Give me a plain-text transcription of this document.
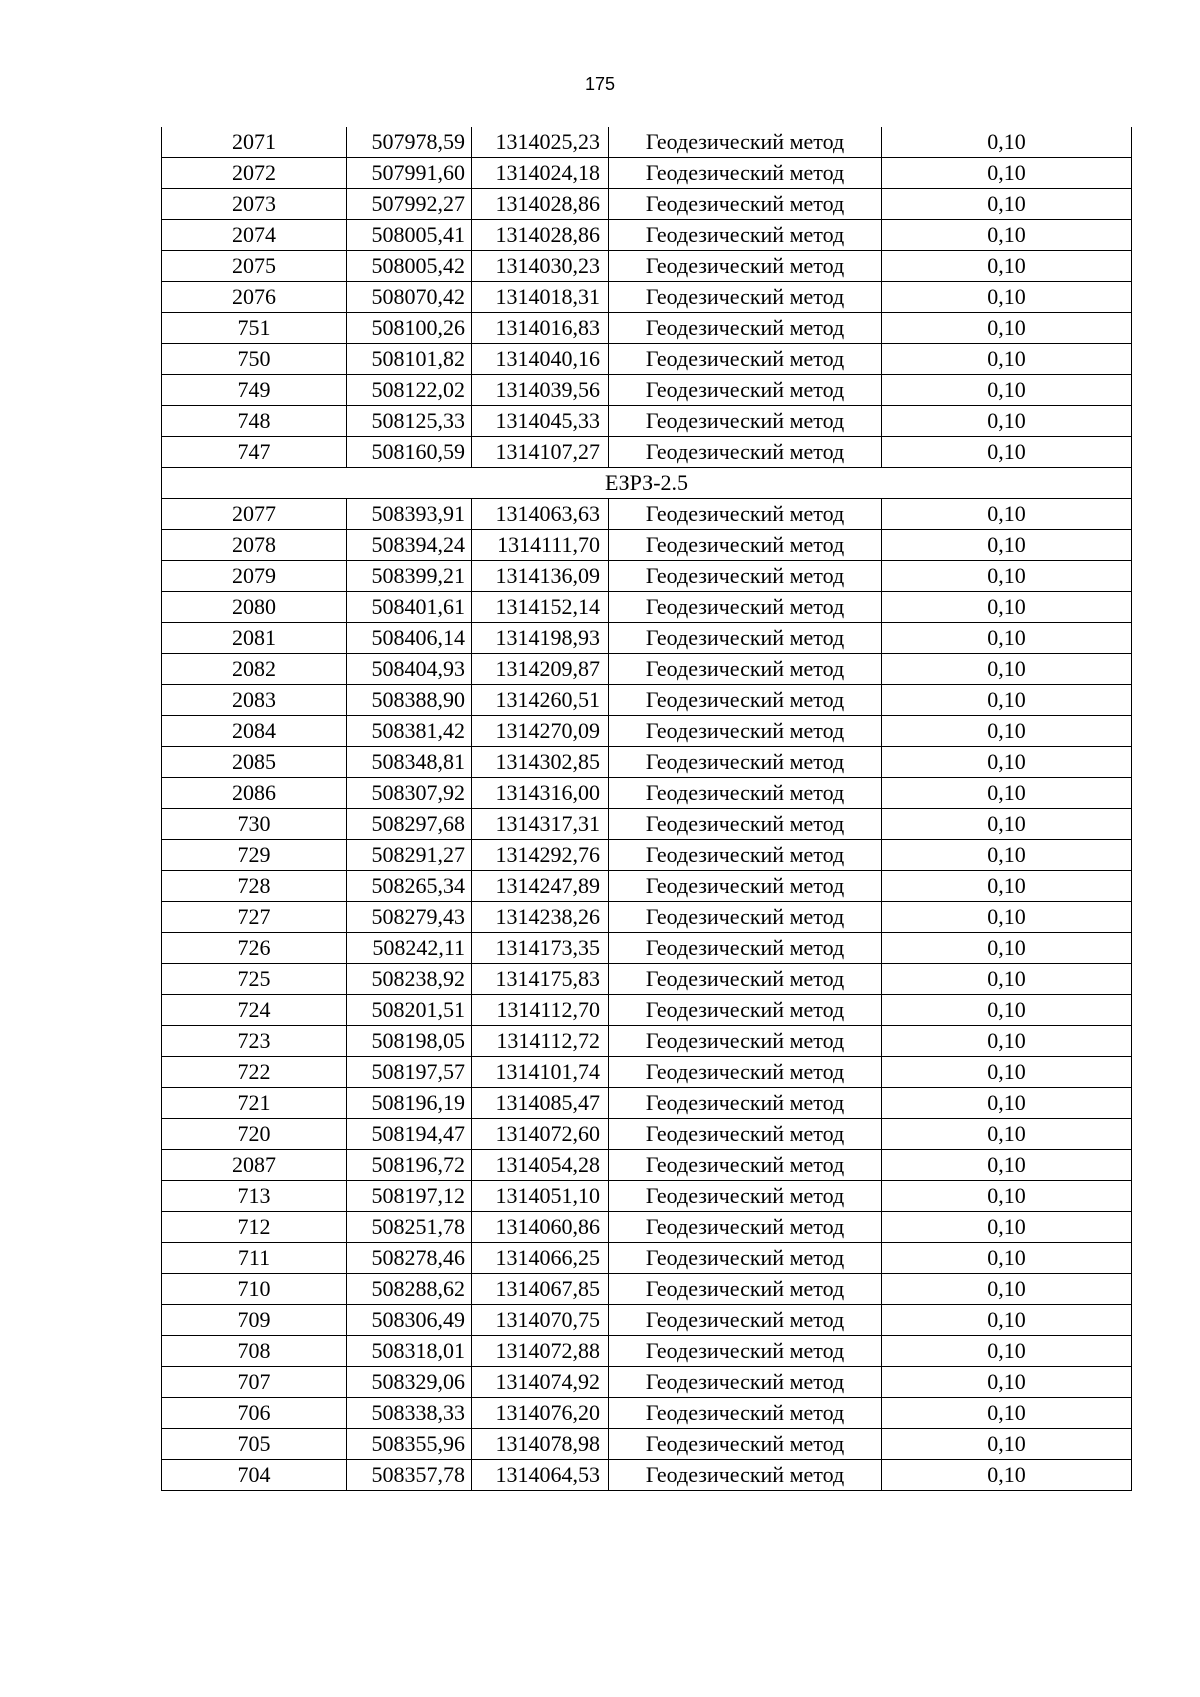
175
2071	507978,59	1314025,23	Геодезический метод	0,10
2072	507991,60	1314024,18	Геодезический метод	0,10
2073	507992,27	1314028,86	Геодезический метод	0,10
2074	508005,41	1314028,86	Геодезический метод	0,10
2075	508005,42	1314030,23	Геодезический метод	0,10
2076	508070,42	1314018,31	Геодезический метод	0,10
751	508100,26	1314016,83	Геодезический метод	0,10
750	508101,82	1314040,16	Геодезический метод	0,10
749	508122,02	1314039,56	Геодезический метод	0,10
748	508125,33	1314045,33	Геодезический метод	0,10
747	508160,59	1314107,27	Геодезический метод	0,10
ЕЗРЗ-2.5				
2077	508393,91	1314063,63	Геодезический метод	0,10
2078	508394,24	1314111,70	Геодезический метод	0,10
2079	508399,21	1314136,09	Геодезический метод	0,10
2080	508401,61	1314152,14	Геодезический метод	0,10
2081	508406,14	1314198,93	Геодезический метод	0,10
2082	508404,93	1314209,87	Геодезический метод	0,10
2083	508388,90	1314260,51	Геодезический метод	0,10
2084	508381,42	1314270,09	Геодезический метод	0,10
2085	508348,81	1314302,85	Геодезический метод	0,10
2086	508307,92	1314316,00	Геодезический метод	0,10
730	508297,68	1314317,31	Геодезический метод	0,10
729	508291,27	1314292,76	Геодезический метод	0,10
728	508265,34	1314247,89	Геодезический метод	0,10
727	508279,43	1314238,26	Геодезический метод	0,10
726	508242,11	1314173,35	Геодезический метод	0,10
725	508238,92	1314175,83	Геодезический метод	0,10
724	508201,51	1314112,70	Геодезический метод	0,10
723	508198,05	1314112,72	Геодезический метод	0,10
722	508197,57	1314101,74	Геодезический метод	0,10
721	508196,19	1314085,47	Геодезический метод	0,10
720	508194,47	1314072,60	Геодезический метод	0,10
2087	508196,72	1314054,28	Геодезический метод	0,10
713	508197,12	1314051,10	Геодезический метод	0,10
712	508251,78	1314060,86	Геодезический метод	0,10
711	508278,46	1314066,25	Геодезический метод	0,10
710	508288,62	1314067,85	Геодезический метод	0,10
709	508306,49	1314070,75	Геодезический метод	0,10
708	508318,01	1314072,88	Геодезический метод	0,10
707	508329,06	1314074,92	Геодезический метод	0,10
706	508338,33	1314076,20	Геодезический метод	0,10
705	508355,96	1314078,98	Геодезический метод	0,10
704	508357,78	1314064,53	Геодезический метод	0,10
